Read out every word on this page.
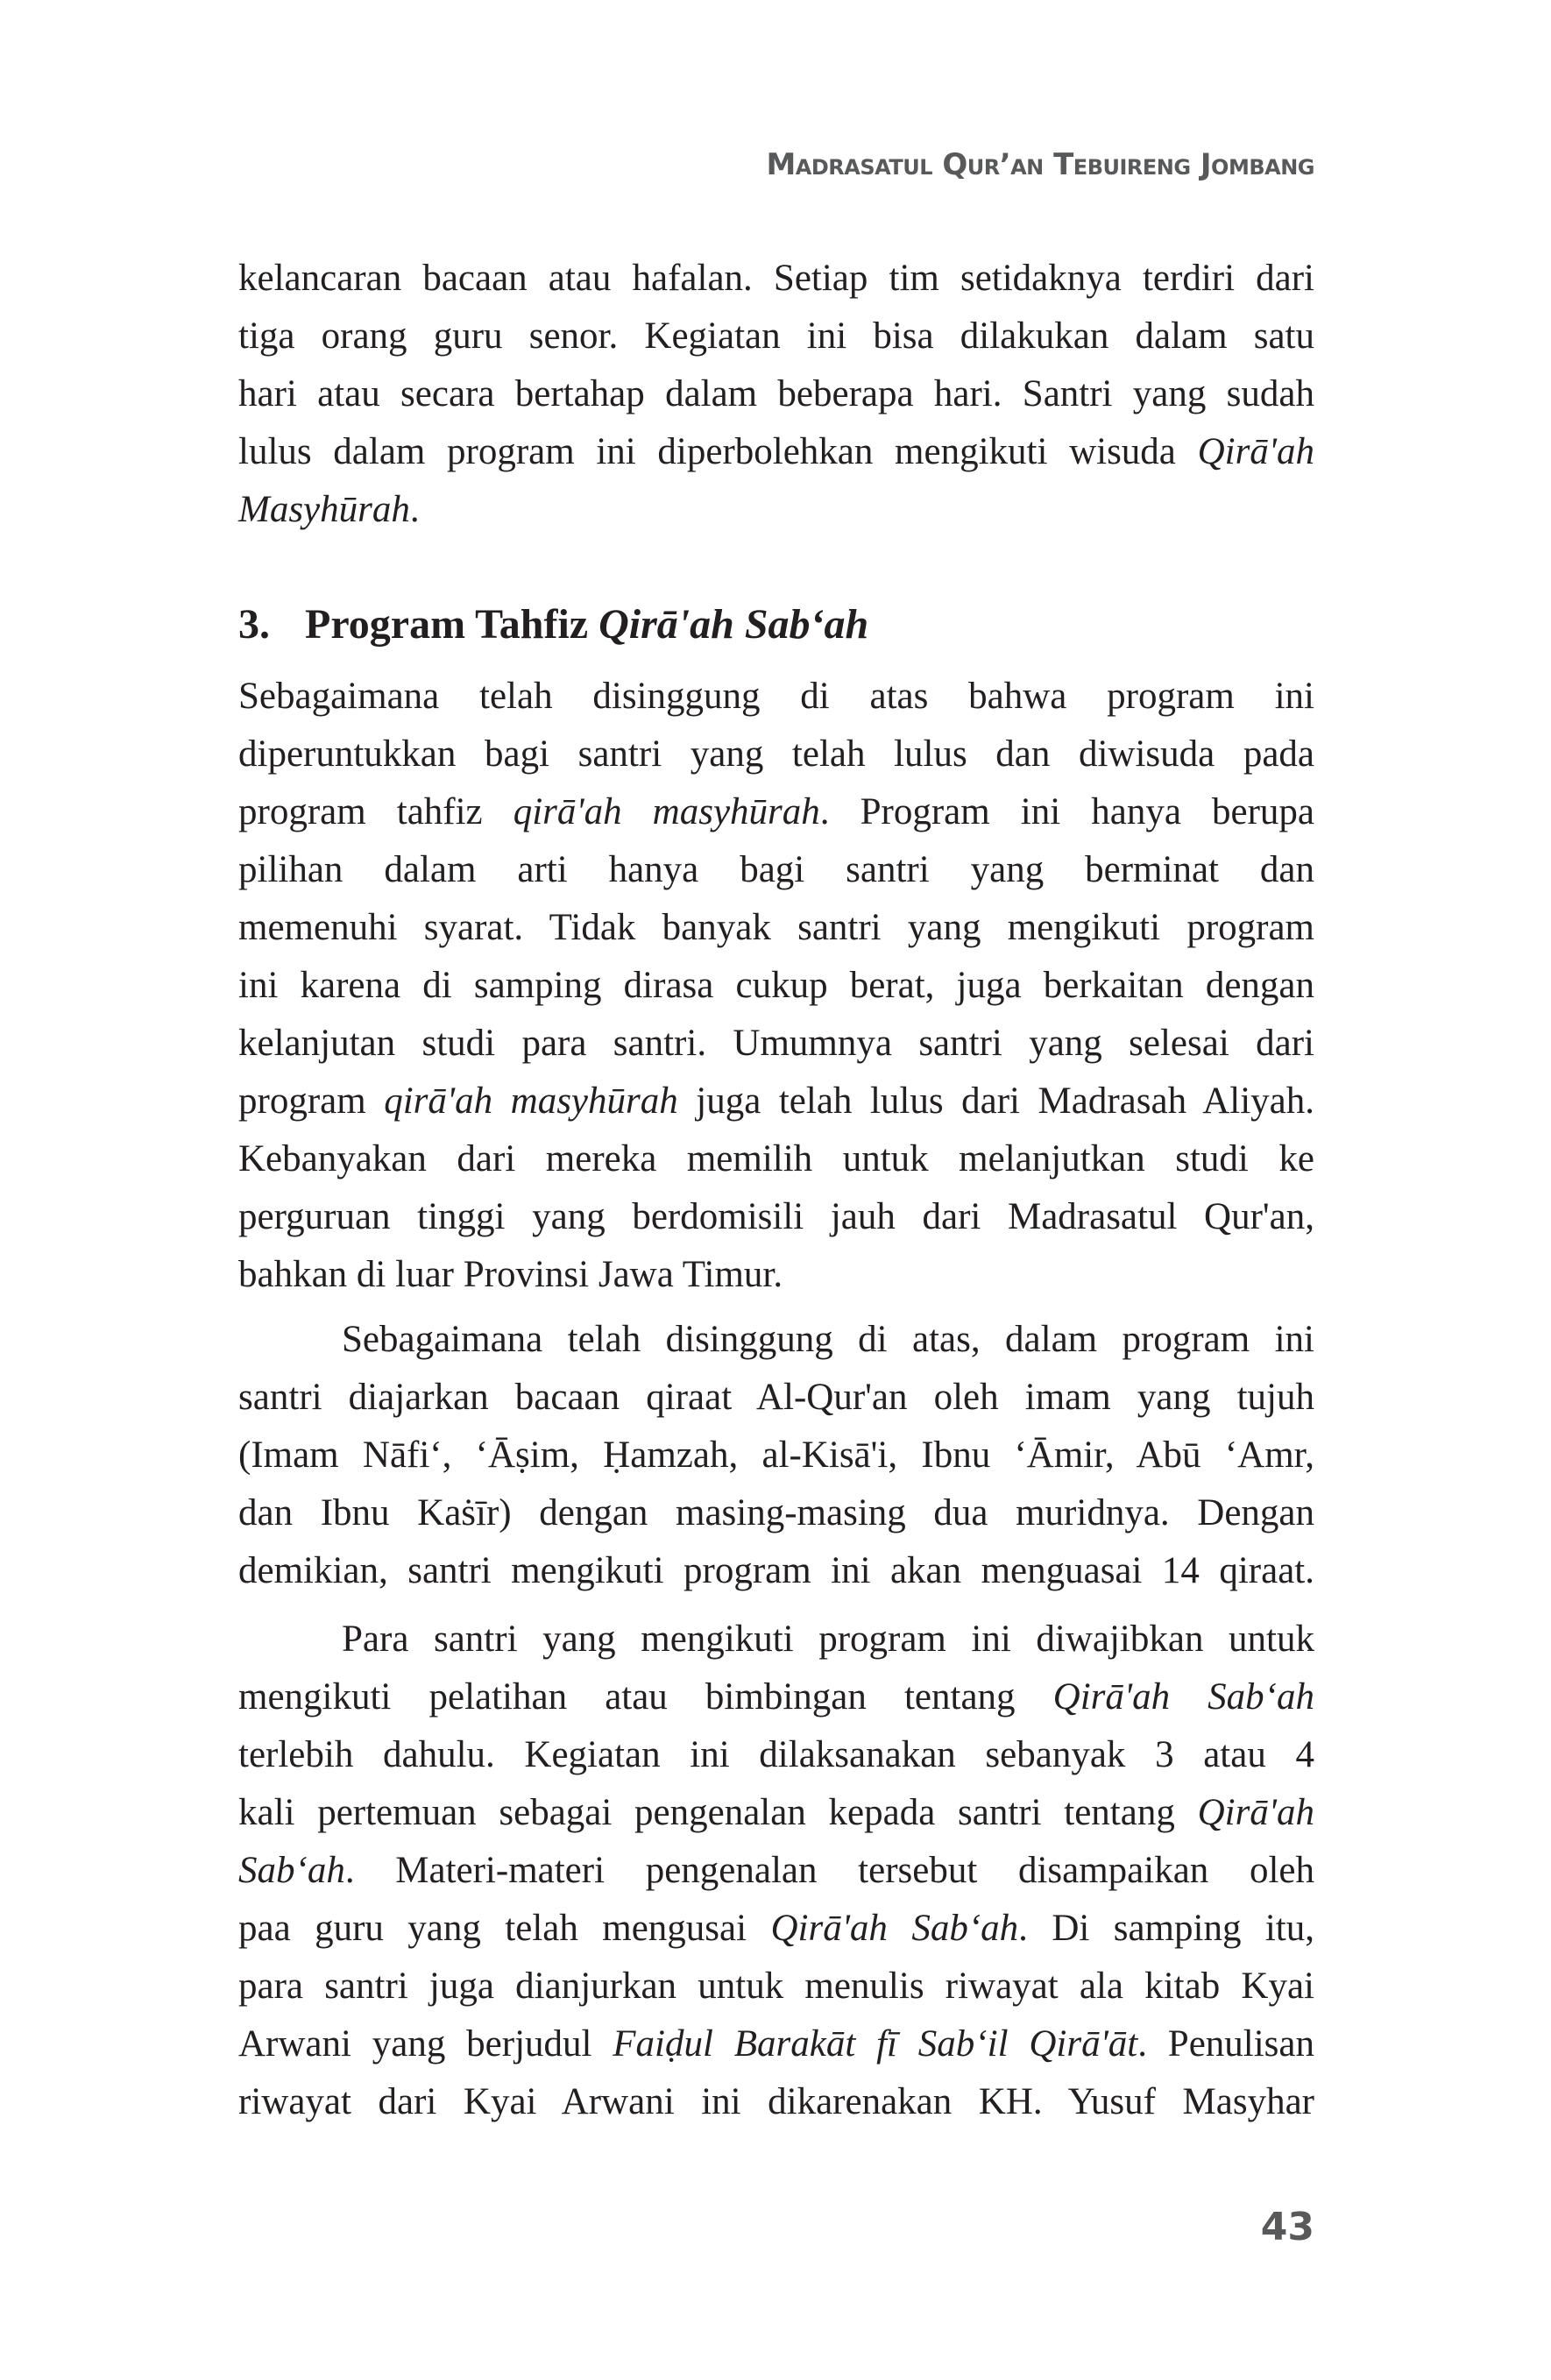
Madrasatul Qur’an Tebuireng Jombang
kelancaran bacaan atau hafalan. Setiap tim setidaknya terdiri dari
tiga orang guru senor. Kegiatan ini bisa dilakukan dalam satu
hari atau secara bertahap dalam beberapa hari. Santri yang sudah
lulus dalam program ini diperbolehkan mengikuti wisuda Qirā'ah
Masyhūrah.
3. Program Tahfiz Qirā'ah Sab‘ah
Sebagaimana telah disinggung di atas bahwa program ini
diperuntukkan bagi santri yang telah lulus dan diwisuda pada
program tahfiz qirā'ah masyhūrah. Program ini hanya berupa
pilihan dalam arti hanya bagi santri yang berminat dan
memenuhi syarat. Tidak banyak santri yang mengikuti program
ini karena di samping dirasa cukup berat, juga berkaitan dengan
kelanjutan studi para santri. Umumnya santri yang selesai dari
program qirā'ah masyhūrah juga telah lulus dari Madrasah Aliyah.
Kebanyakan dari mereka memilih untuk melanjutkan studi ke
perguruan tinggi yang berdomisili jauh dari Madrasatul Qur'an,
bahkan di luar Provinsi Jawa Timur.
Sebagaimana telah disinggung di atas, dalam program ini
santri diajarkan bacaan qiraat Al-Qur'an oleh imam yang tujuh
(Imam Nāfi‘, ‘Āṣim, Ḥamzah, al-Kisā'i, Ibnu ‘Āmir, Abū ‘Amr,
dan Ibnu Kaṡīr) dengan masing-masing dua muridnya. Dengan
demikian, santri mengikuti program ini akan menguasai 14 qiraat.
Para santri yang mengikuti program ini diwajibkan untuk
mengikuti pelatihan atau bimbingan tentang Qirā'ah Sab‘ah
terlebih dahulu. Kegiatan ini dilaksanakan sebanyak 3 atau 4
kali pertemuan sebagai pengenalan kepada santri tentang Qirā'ah
Sab‘ah. Materi-materi pengenalan tersebut disampaikan oleh
paa guru yang telah mengusai Qirā'ah Sab‘ah. Di samping itu,
para santri juga dianjurkan untuk menulis riwayat ala kitab Kyai
Arwani yang berjudul Faiḍul Barakāt fī Sab‘il Qirā'āt. Penulisan
riwayat dari Kyai Arwani ini dikarenakan KH. Yusuf Masyhar
43
